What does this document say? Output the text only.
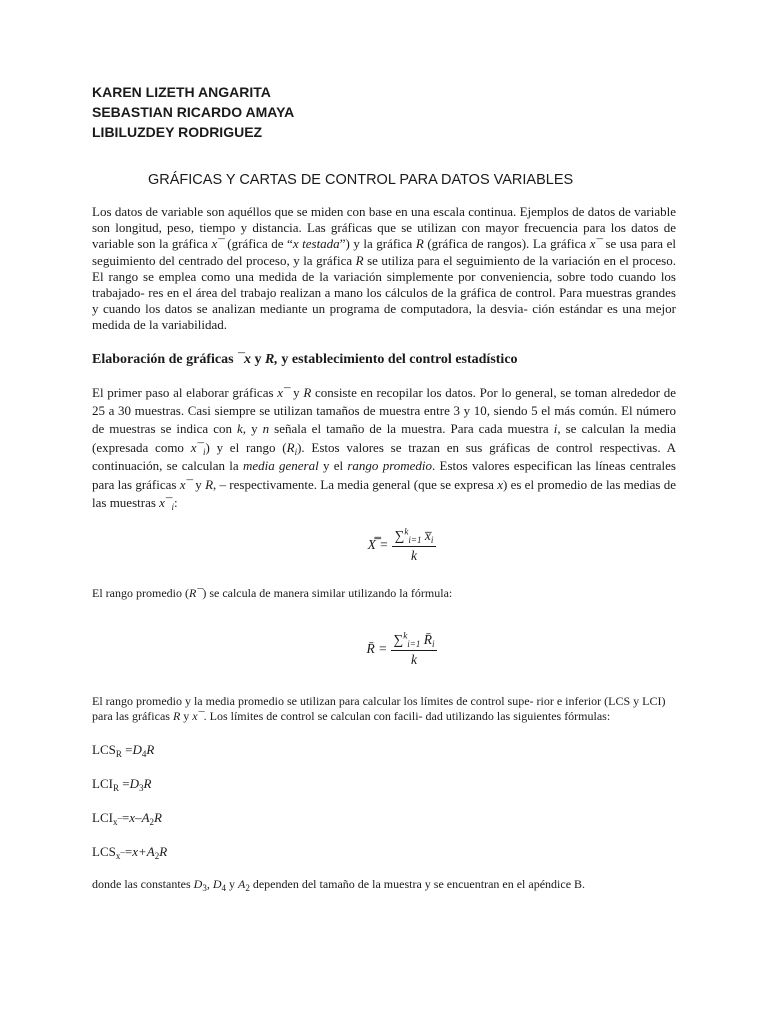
KAREN LIZETH ANGARITA
SEBASTIAN RICARDO AMAYA
LIBILUZDEY RODRIGUEZ
GRÁFICAS Y CARTAS DE CONTROL PARA DATOS VARIABLES

Los datos de variable son aquéllos que se miden con base en una escala continua. Ejemplos de datos de variable son longitud, peso, tiempo y distancia. Las gráficas que se utilizan con mayor frecuencia para los datos de variable son la gráfica x¯ (gráfica de “x testada”) y la gráfica R (gráfica de rangos). La gráfica x¯ se usa para el seguimiento del centrado del proceso, y la gráfica R se utiliza para el seguimiento de la variación en el proceso. El rango se emplea como una medida de la variación simplemente por conveniencia, sobre todo cuando los trabajado- res en el área del trabajo realizan a mano los cálculos de la gráfica de control. Para muestras grandes y cuando los datos se analizan mediante un programa de computadora, la desvia- ción estándar es una mejor medida de la variabilidad.

Elaboración de gráficas ¯x y R, y establecimiento del control estadístico

El primer paso al elaborar gráficas x¯ y R consiste en recopilar los datos. Por lo general, se toman alrededor de 25 a 30 muestras. Casi siempre se utilizan tamaños de muestra entre 3 y 10, siendo 5 el más común. El número de muestras se indica con k, y n señala el tamaño de la muestra. Para cada muestra i, se calculan la media (expresada como $x¯_i$) y el rango $(R_i)$. Estos valores se trazan en sus gráficas de control respectivas. A continuación, se calculan la media general y el rango promedio. Estos valores especifican las líneas centrales para las gráficas x¯ y R, – respectivamente. La media general (que se expresa x) es el promedio de las medias de las muestras $x¯_i$:

X̿ = $\frac{\sum^k_{i=1} x̅_i}{k}$

El rango promedio (R¯) se calcula de manera similar utilizando la fórmula:

R̄ = $\frac{\sum^k_{i=1} R̄_i}{k}$

El rango promedio y la media promedio se utilizan para calcular los límites de control supe- rior e inferior (LCS y LCI) para las gráficas R y x¯. Los límites de control se calculan con facili- dad utilizando las siguientes fórmulas:

$LCS_R =D_4R$
$LCI_R =D_3R$
$LCI_{x¯}=x-A_2R$
$LCS_{x¯}=x+A_2R$

donde las constantes $D_3$, $D_4$ y $A_2$ dependen del tamaño de la muestra y se encuentran en el apéndice B.
